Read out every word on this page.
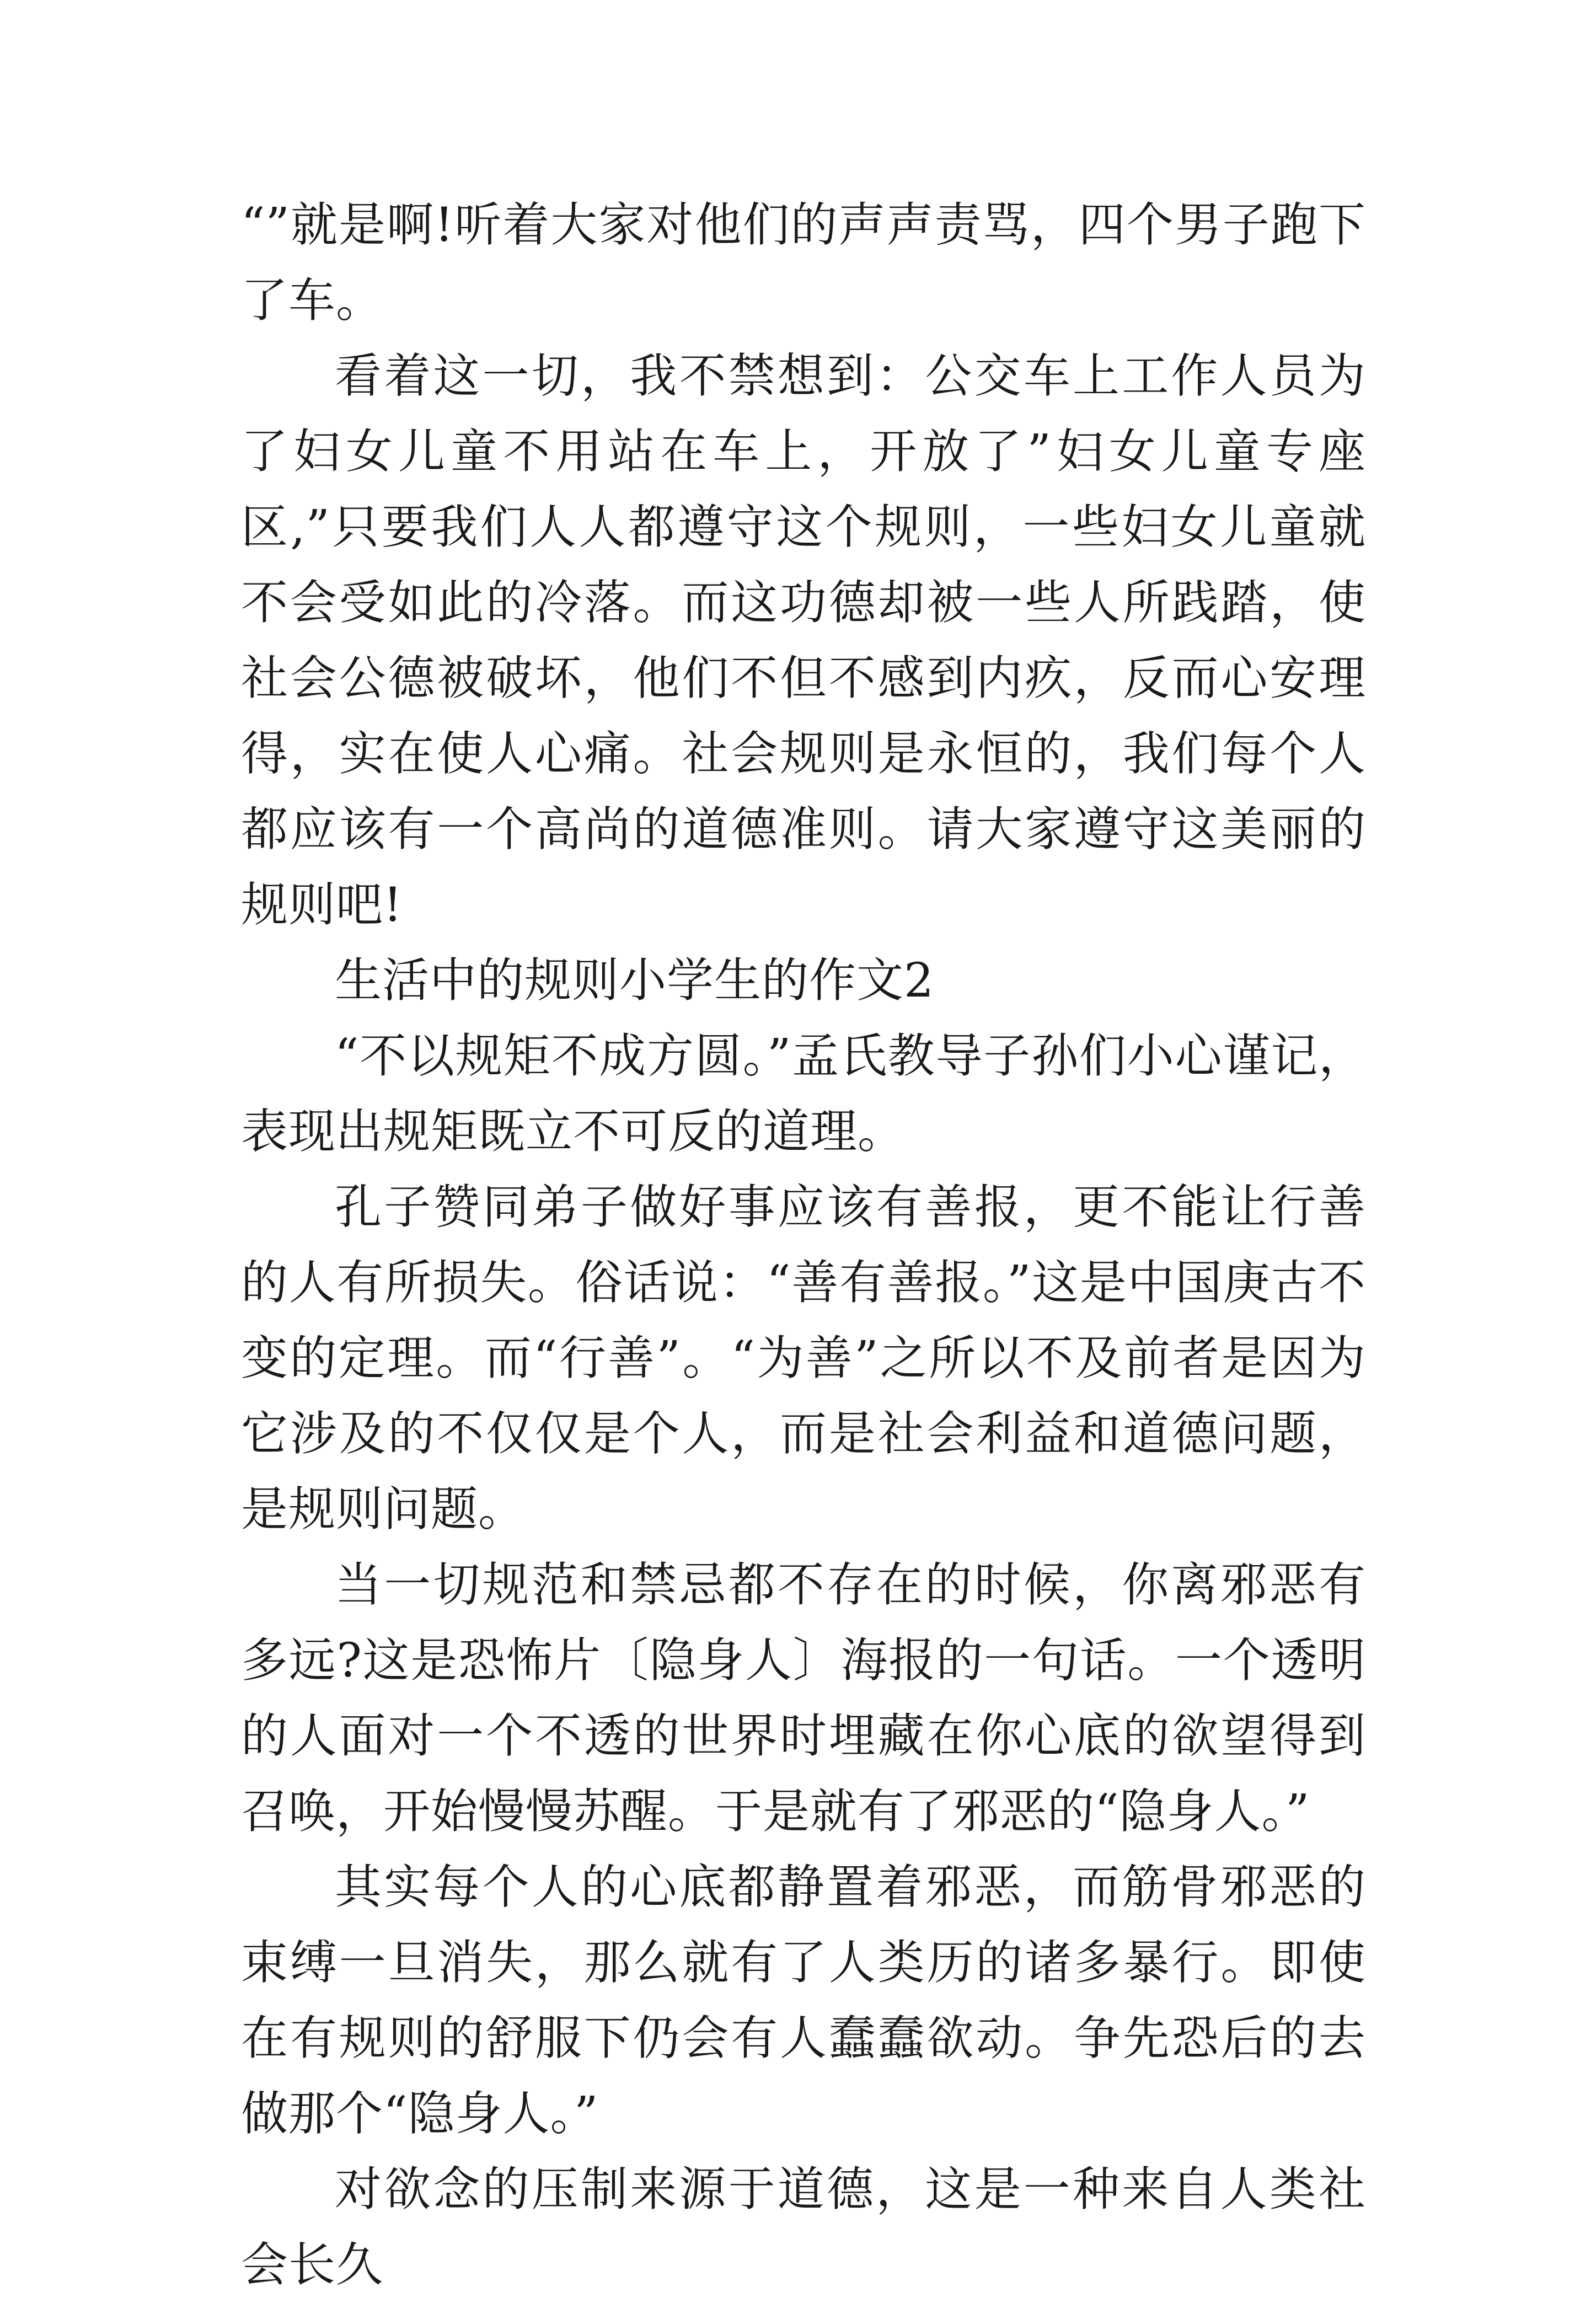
“”就是啊!听着大家对他们的声声责骂，四个男子跑下了车。

看着这一切，我不禁想到：公交车上工作人员为了妇女儿童不用站在车上，开放了”妇女儿童专座区,”只要我们人人都遵守这个规则，一些妇女儿童就不会受如此的冷落。而这功德却被一些人所践踏，使社会公德被破坏，他们不但不感到内疚，反而心安理得，实在使人心痛。社会规则是永恒的，我们每个人都应该有一个高尚的道德准则。请大家遵守这美丽的规则吧!

生活中的规则小学生的作文2

“不以规矩不成方圆。”孟氏教导子孙们小心谨记，表现出规矩既立不可反的道理。

孔子赞同弟子做好事应该有善报，更不能让行善的人有所损失。俗话说：“善有善报。”这是中国庚古不变的定理。而“行善”。“为善”之所以不及前者是因为它涉及的不仅仅是个人，而是社会利益和道德问题，是规则问题。

当一切规范和禁忌都不存在的时候，你离邪恶有多远?这是恐怖片〔隐身人〕海报的一句话。一个透明的人面对一个不透的世界时埋藏在你心底的欲望得到召唤，开始慢慢苏醒。于是就有了邪恶的“隐身人。”

其实每个人的心底都静置着邪恶，而筋骨邪恶的束缚一旦消失，那么就有了人类历的诸多暴行。即使在有规则的舒服下仍会有人蠢蠢欲动。争先恐后的去做那个“隐身人。”

对欲念的压制来源于道德，这是一种来自人类社会长久
